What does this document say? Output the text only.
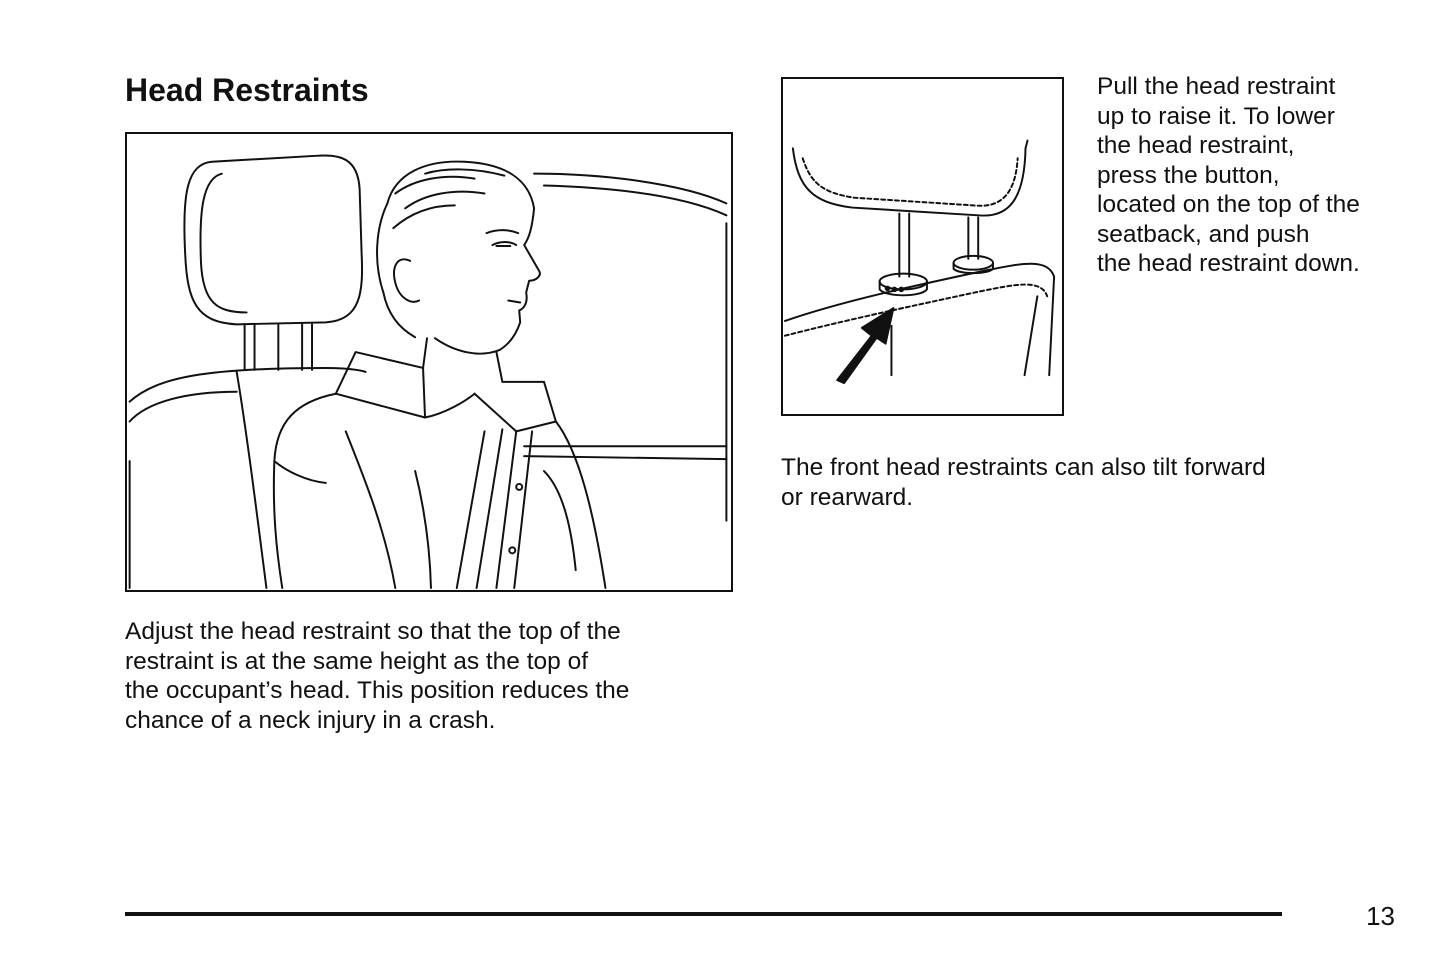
Head Restraints	Pull the head restraint
up to raise it. To lower
the head restraint,
press the button,
located on the top of the
seatback, and push
the head restraint down.
The front head restraints can also tilt forward
or rearward.
Adjust the head restraint so that the top of the
restraint is at the same height as the top of
the occupant’s head. This position reduces the
chance of a neck injury in a crash.
13
